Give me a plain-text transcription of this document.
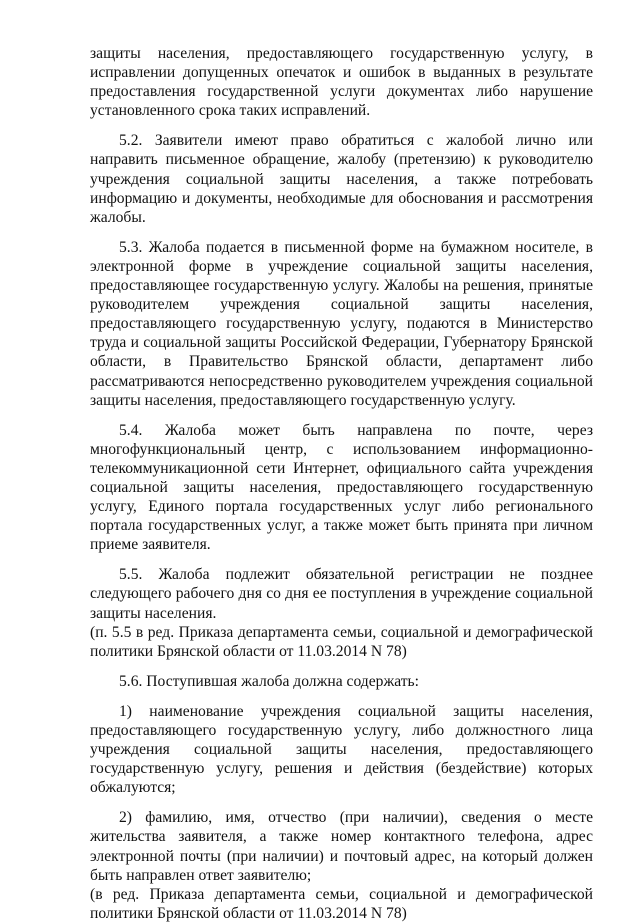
защиты населения, предоставляющего государственную услугу, в исправлении допущенных опечаток и ошибок в выданных в результате предоставления государственной услуги документах либо нарушение установленного срока таких исправлений.

5.2. Заявители имеют право обратиться с жалобой лично или направить письменное обращение, жалобу (претензию) к руководителю учреждения социальной защиты населения, а также потребовать информацию и документы, необходимые для обоснования и рассмотрения жалобы.

5.3. Жалоба подается в письменной форме на бумажном носителе, в электронной форме в учреждение социальной защиты населения, предоставляющее государственную услугу. Жалобы на решения, принятые руководителем учреждения социальной защиты населения, предоставляющего государственную услугу, подаются в Министерство труда и социальной защиты Российской Федерации, Губернатору Брянской области, в Правительство Брянской области, департамент либо рассматриваются непосредственно руководителем учреждения социальной защиты населения, предоставляющего государственную услугу.

5.4. Жалоба может быть направлена по почте, через многофункциональный центр, с использованием информационно-телекоммуникационной сети Интернет, официального сайта учреждения социальной защиты населения, предоставляющего государственную услугу, Единого портала государственных услуг либо регионального портала государственных услуг, а также может быть принята при личном приеме заявителя.

5.5. Жалоба подлежит обязательной регистрации не позднее следующего рабочего дня со дня ее поступления в учреждение социальной защиты населения.

(п. 5.5 в ред. Приказа департамента семьи, социальной и демографической политики Брянской области от 11.03.2014 N 78)

5.6. Поступившая жалоба должна содержать:

1) наименование учреждения социальной защиты населения, предоставляющего государственную услугу, либо должностного лица учреждения социальной защиты населения, предоставляющего государственную услугу, решения и действия (бездействие) которых обжалуются;

2) фамилию, имя, отчество (при наличии), сведения о месте жительства заявителя, а также номер контактного телефона, адрес электронной почты (при наличии) и почтовый адрес, на который должен быть направлен ответ заявителю;

(в ред. Приказа департамента семьи, социальной и демографической политики Брянской области от 11.03.2014 N 78)
